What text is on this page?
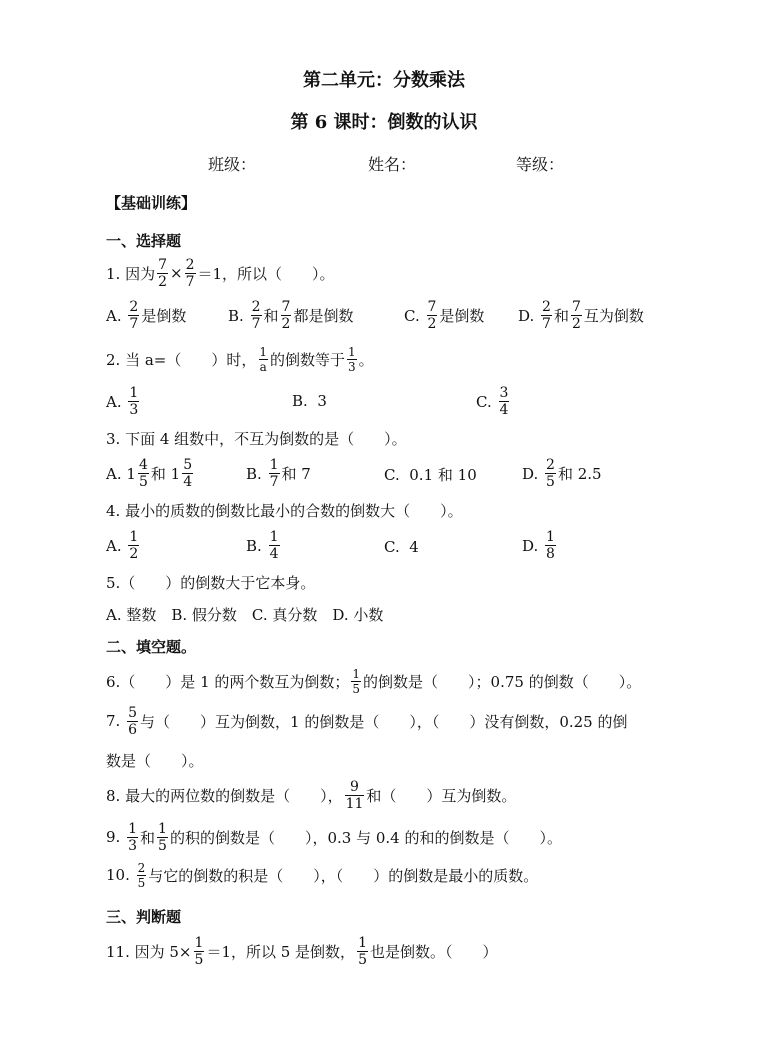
第二单元：分数乘法
第 6 课时：倒数的认识
班级：	姓名：	等级：
【基础训练】
一、选择题
1. 因为 $\frac{7}{2} \times \frac{2}{7} =1$，所以（　　）。
A.
$\frac{2}{7}$ 是倒数	B.
$\frac{2}{7}$ 和 $\frac{7}{2}$ 都是倒数	C.
$\frac{7}{2}$ 是倒数 D.
$\frac{2}{7}$ 和 $\frac{7}{2}$ 互为倒数
2. 当 a=（　　）时， $\frac{1}{a}$ 的倒数等于 $\frac{1}{3}$ 。
A.
$\frac{1}{3}$	B.
3	C.
$\frac{3}{4}$
3. 下面 4 组数中，不互为倒数的是（　　）。
A.
$1 \frac{4}{5}$ 和
$1 \frac{5}{4}$	B.
$\frac{1}{7}$ 和 7	C.
0.1 和 10	D.
$\frac{2}{5}$ 和 2.5
4. 最小的质数的倒数比最小的合数的倒数大（　　）。
A.
$\frac{1}{2}$	B.
$\frac{1}{4}$	C.
4	D.
$\frac{1}{8}$
5.（　　）的倒数大于它本身。
A. 整数　B. 假分数　C. 真分数　D. 小数
二、填空题。
6.（　　）是 1 的两个数互为倒数； $\frac{1}{5}$ 的倒数是（　　）；0.75 的倒数（　　）。
7.
$\frac{5}{6}$ 与（　　）互为倒数，1 的倒数是（　　），（　　）没有倒数，0.25 的倒
数是（　　）。
8. 最大的两位数的倒数是（　　）， $\frac{9}{11}$ 和（　　）互为倒数。
9.
$\frac{1}{3}$ 和 $\frac{1}{5}$ 的积的倒数是（　　），0.3 与 0.4 的和的倒数是（　　）。
10.
$\frac{2}{5}$ 与它的倒数的积是（　　），（　　）的倒数是最小的质数。
三、判断题
11. 因为 $5\times \frac{1}{5} =1$，所以 5 是倒数， $\frac{1}{5}$ 也是倒数。（　　）
